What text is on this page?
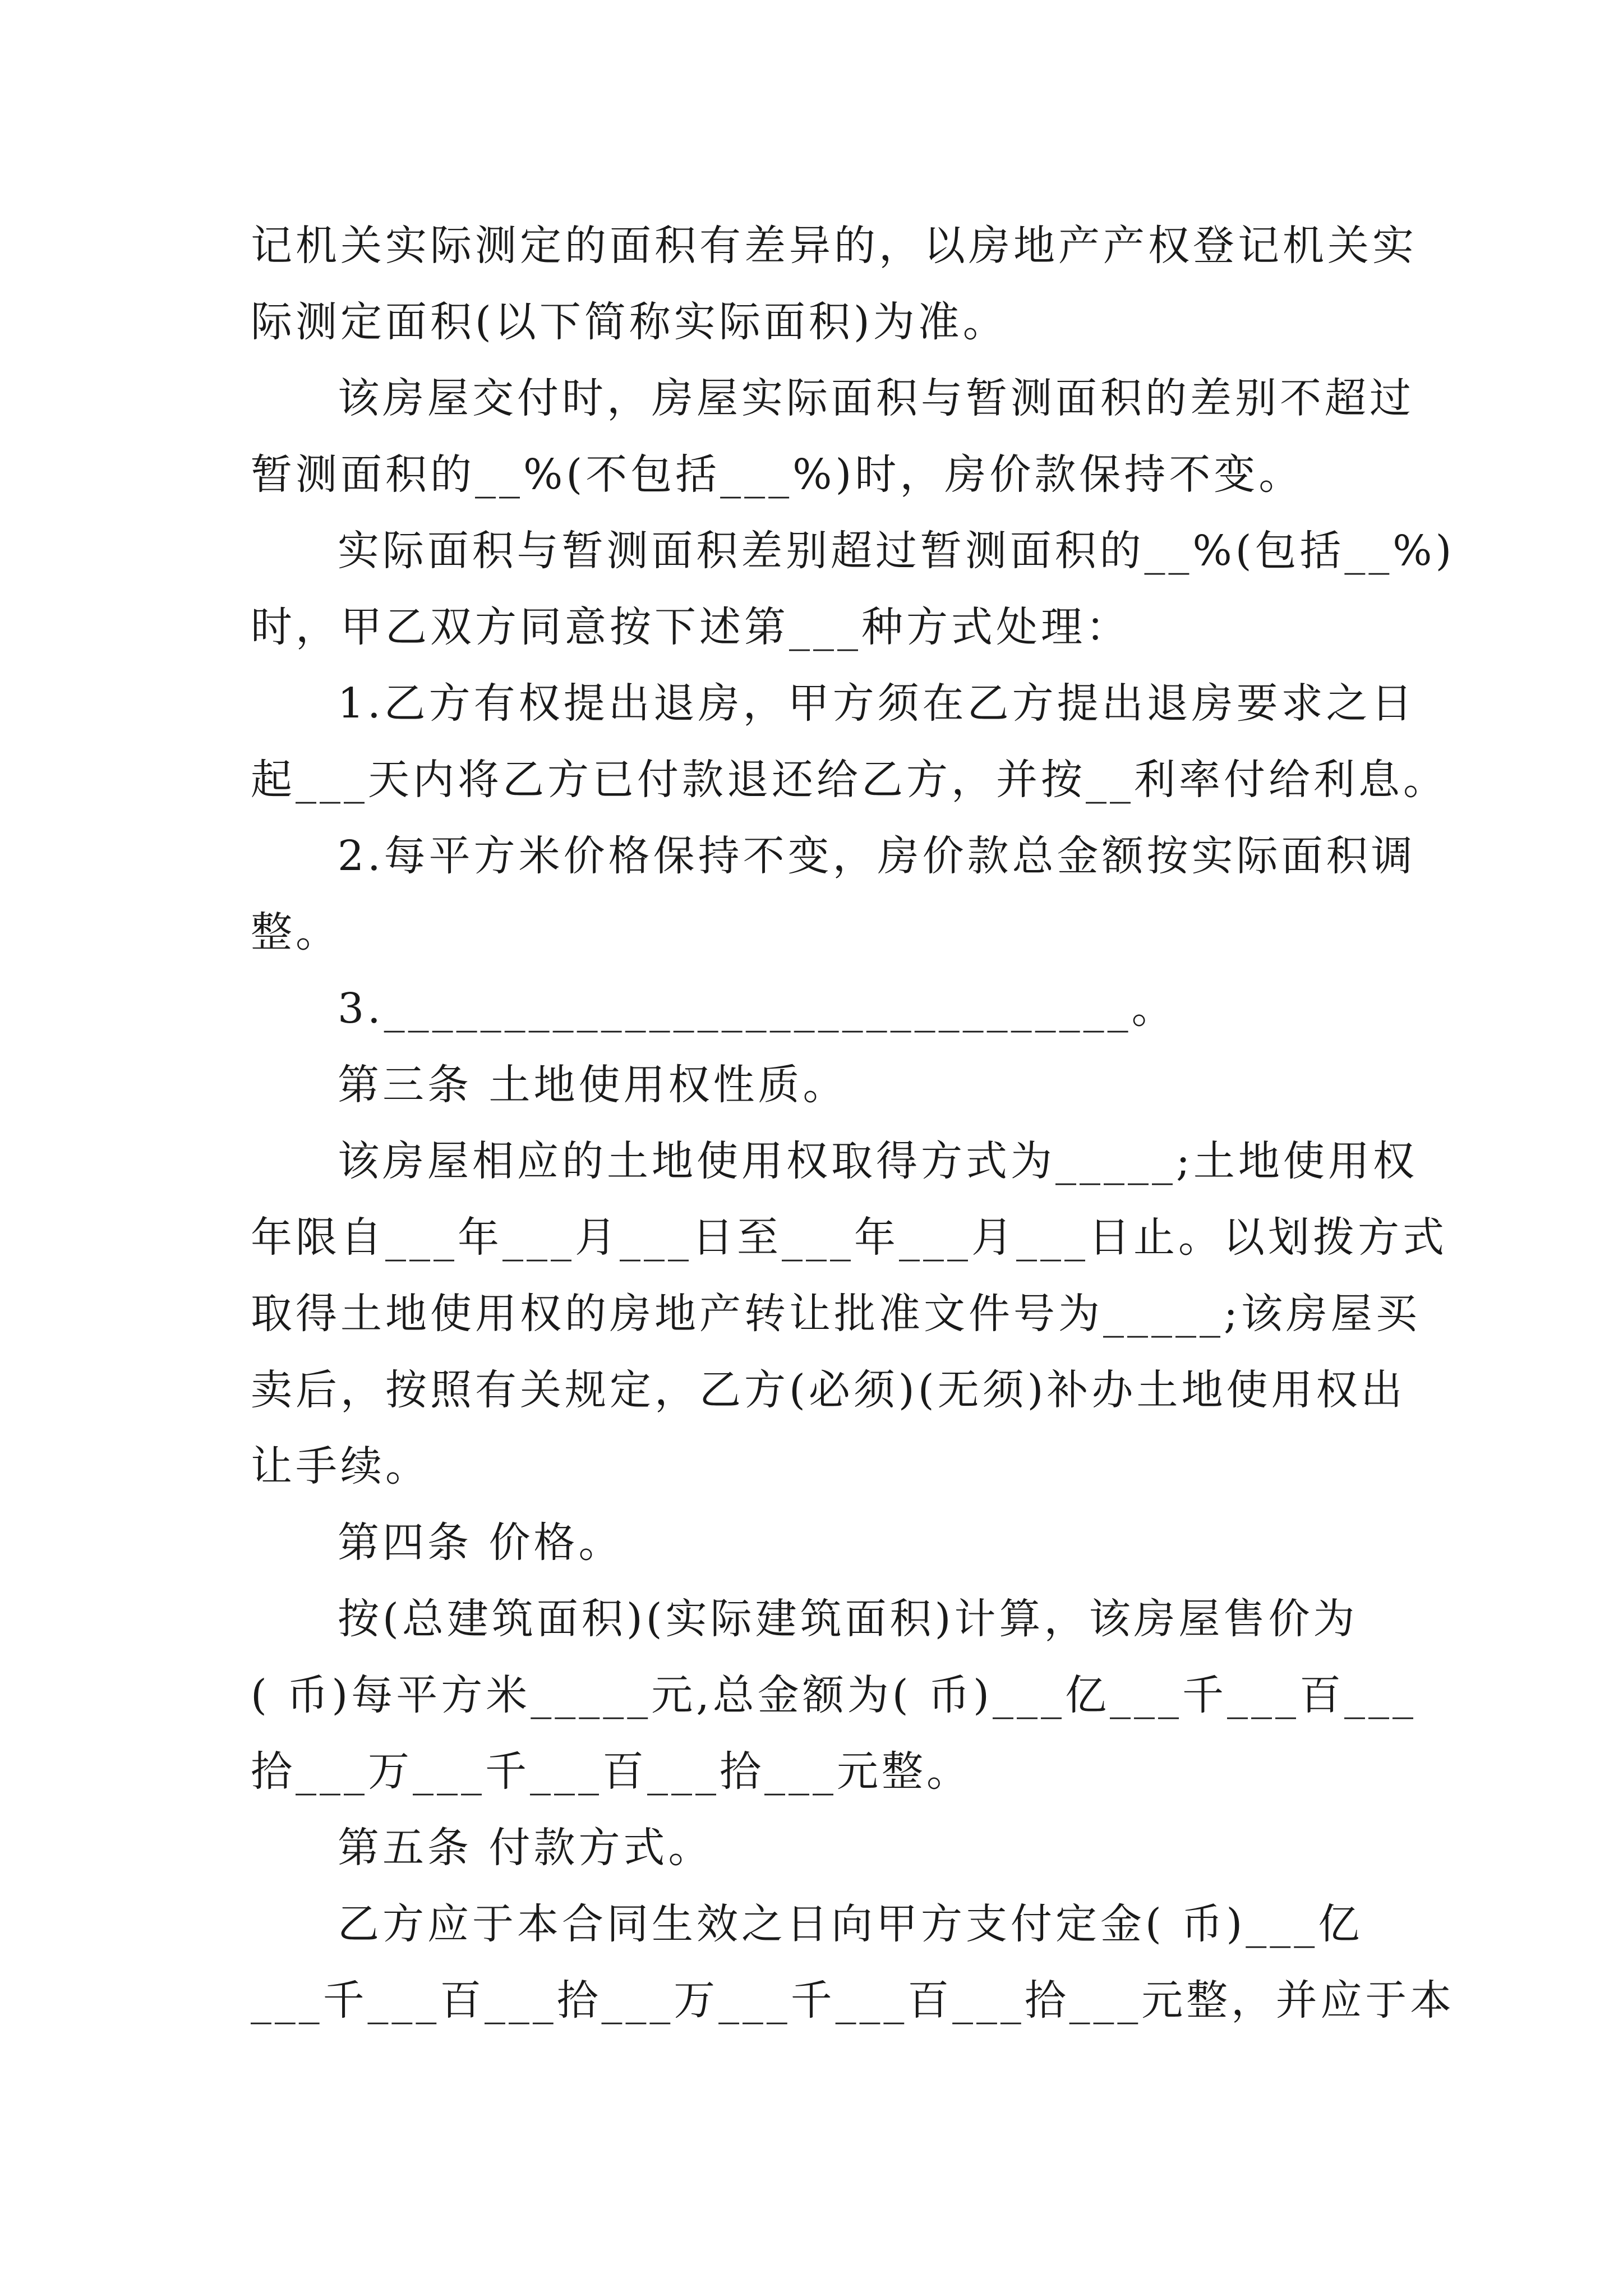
记机关实际测定的面积有差异的，以房地产产权登记机关实
际测定面积(以下简称实际面积)为准。
该房屋交付时，房屋实际面积与暂测面积的差别不超过
暂测面积的__%(不包括___%)时，房价款保持不变。
实际面积与暂测面积差别超过暂测面积的__%(包括__%)
时，甲乙双方同意按下述第___种方式处理：
1.乙方有权提出退房，甲方须在乙方提出退房要求之日
起___天内将乙方已付款退还给乙方，并按__利率付给利息。
2.每平方米价格保持不变，房价款总金额按实际面积调
整。
3._______________________________。
第三条 土地使用权性质。
该房屋相应的土地使用权取得方式为_____;土地使用权
年限自___年___月___日至___年___月___日止。以划拨方式
取得土地使用权的房地产转让批准文件号为_____;该房屋买
卖后，按照有关规定，乙方(必须)(无须)补办土地使用权出
让手续。
第四条 价格。
按(总建筑面积)(实际建筑面积)计算，该房屋售价为
( 币)每平方米_____元,总金额为( 币)___亿___千___百___
拾___万___千___百___拾___元整。
第五条 付款方式。
乙方应于本合同生效之日向甲方支付定金( 币)___亿
___千___百___拾___万___千___百___拾___元整，并应于本
